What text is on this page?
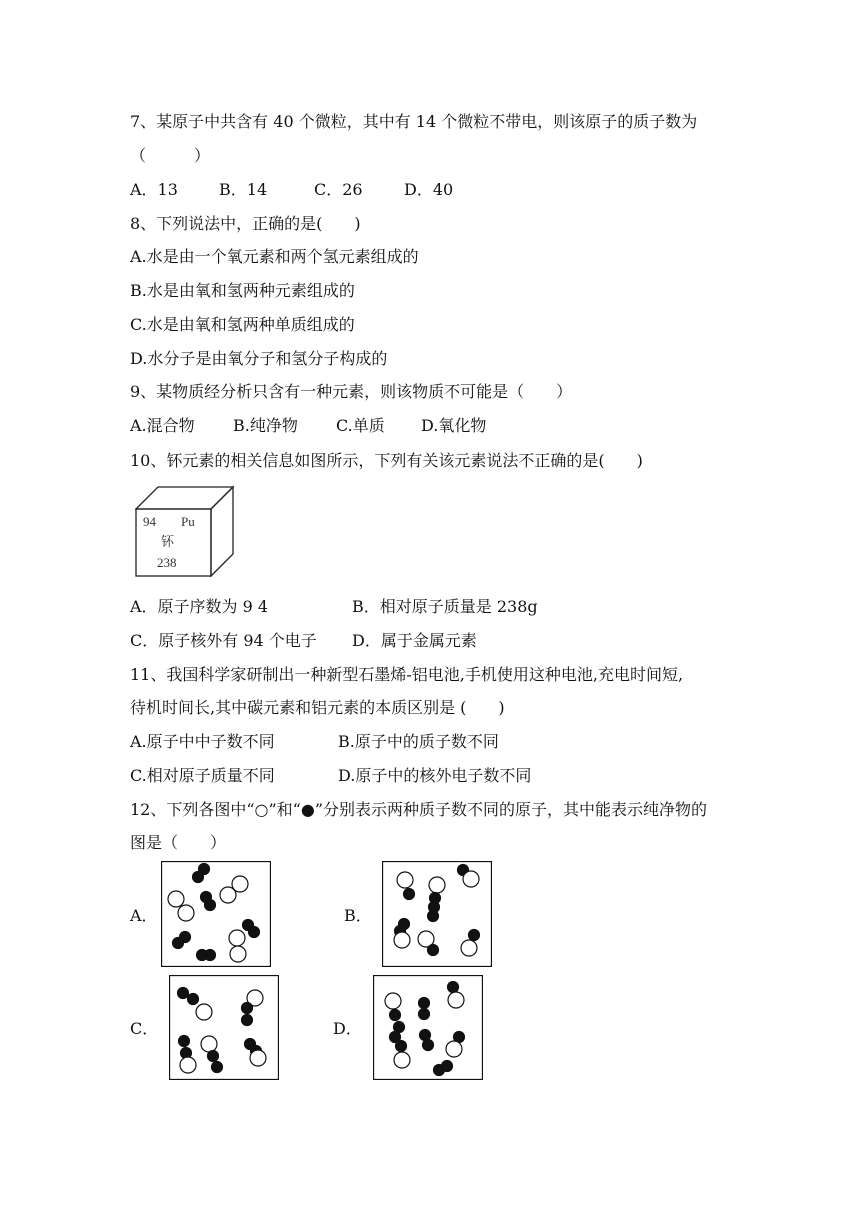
7、某原子中共含有 40 个微粒，其中有 14 个微粒不带电，则该原子的质子数为
（　　　）
A．13	B．14	C．26	D．40
8、下列说法中，正确的是(　　)
A.水是由一个氧元素和两个氢元素组成的
B.水是由氧和氢两种元素组成的
C.水是由氧和氢两种单质组成的
D.水分子是由氧分子和氢分子构成的
9、某物质经分析只含有一种元素，则该物质不可能是（　　）
A.混合物 B.纯净物 C.单质 D.氧化物
10、钚元素的相关信息如图所示，下列有关该元素说法不正确的是(　　)
94 Pu
钚
238
A．原子序数为 9 4	B．相对原子质量是 238g
C．原子核外有 94 个电子 D．属于金属元素
11、我国科学家研制出一种新型石墨烯-铝电池,手机使用这种电池,充电时间短,
待机时间长,其中碳元素和铝元素的本质区别是 (　　)
A.原子中中子数不同	B.原子中的质子数不同
C.相对原子质量不同	D.原子中的核外电子数不同
12、下列各图中“○”和“●”分别表示两种质子数不同的原子，其中能表示纯净物的
图是（　　）
A．	B．
C．	D．
